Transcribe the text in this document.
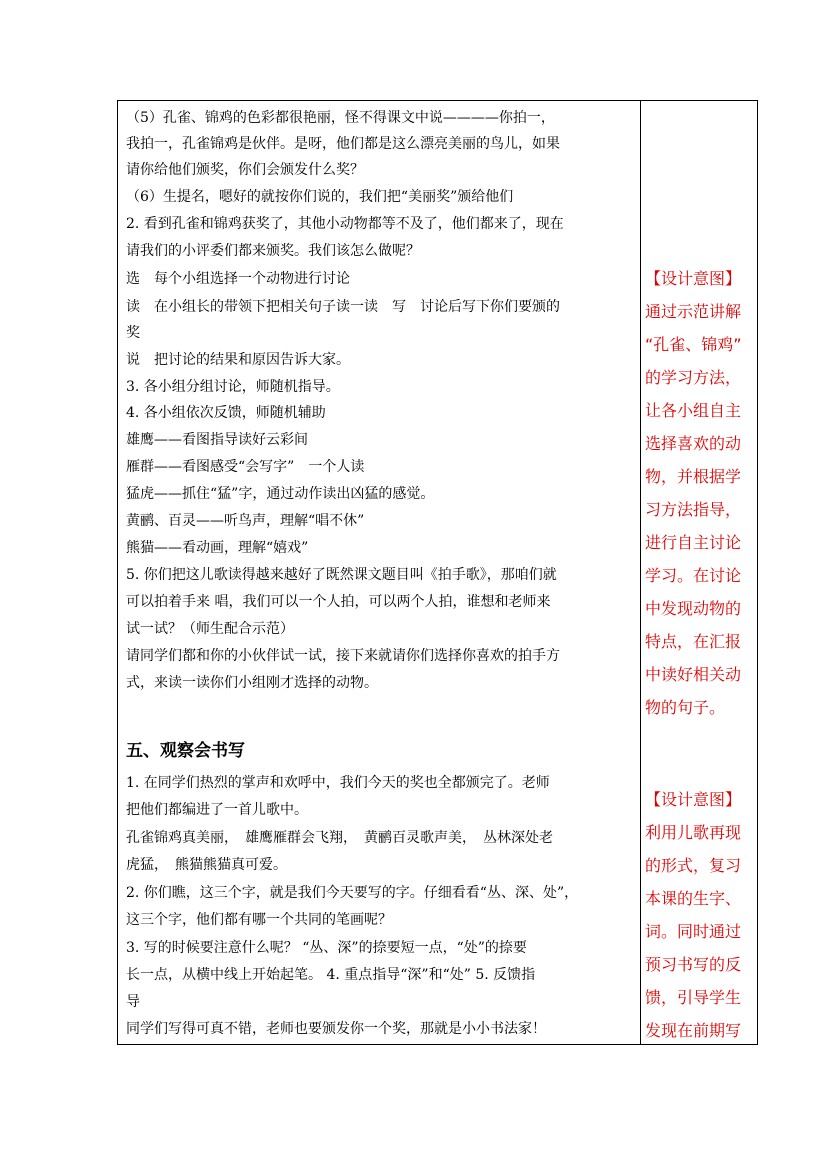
（5）孔雀、锦鸡的色彩都很艳丽，怪不得课文中说————你拍一，
我拍一，孔雀锦鸡是伙伴。是呀，他们都是这么漂亮美丽的鸟儿，如果
请你给他们颁奖，你们会颁发什么奖？
（6）生提名，嗯好的就按你们说的，我们把“美丽奖”颁给他们
2. 看到孔雀和锦鸡获奖了，其他小动物都等不及了，他们都来了，现在
请我们的小评委们都来颁奖。我们该怎么做呢？
选　每个小组选择一个动物进行讨论
读　在小组长的带领下把相关句子读一读　写　讨论后写下你们要颁的
奖
说　把讨论的结果和原因告诉大家。
3. 各小组分组讨论，师随机指导。
4. 各小组依次反馈，师随机辅助
雄鹰——看图指导读好云彩间
雁群——看图感受“会写字”　一个人读
猛虎——抓住“猛”字，通过动作读出凶猛的感觉。
黄鹂、百灵——听鸟声，理解“唱不休”
熊猫——看动画，理解“嬉戏”
5. 你们把这儿歌读得越来越好了既然课文题目叫《拍手歌》，那咱们就
可以拍着手来 唱，我们可以一个人拍，可以两个人拍，谁想和老师来
试一试？（师生配合示范）
请同学们都和你的小伙伴试一试，接下来就请你们选择你喜欢的拍手方
式，来读一读你们小组刚才选择的动物。
五、观察会书写
1. 在同学们热烈的掌声和欢呼中，我们今天的奖也全都颁完了。老师
把他们都编进了一首儿歌中。
孔雀锦鸡真美丽，　雄鹰雁群会飞翔，　黄鹂百灵歌声美，　丛林深处老
虎猛，　熊猫熊猫真可爱。
2. 你们瞧，这三个字，就是我们今天要写的字。仔细看看“丛、深、处”，
这三个字，他们都有哪一个共同的笔画呢？
3. 写的时候要注意什么呢？ “丛、深”的捺要短一点，“处”的捺要
长一点，从横中线上开始起笔。 4. 重点指导“深”和“处” 5. 反馈指
导
同学们写得可真不错，老师也要颁发你一个奖，那就是小小书法家！
【设计意图】
通过示范讲解
“孔雀、锦鸡”
的学习方法，
让各小组自主
选择喜欢的动
物，并根据学
习方法指导，
进行自主讨论
学习。在讨论
中发现动物的
特点，在汇报
中读好相关动
物的句子。
【设计意图】
利用儿歌再现
的形式，复习
本课的生字、
词。同时通过
预习书写的反
馈，引导学生
发现在前期写
